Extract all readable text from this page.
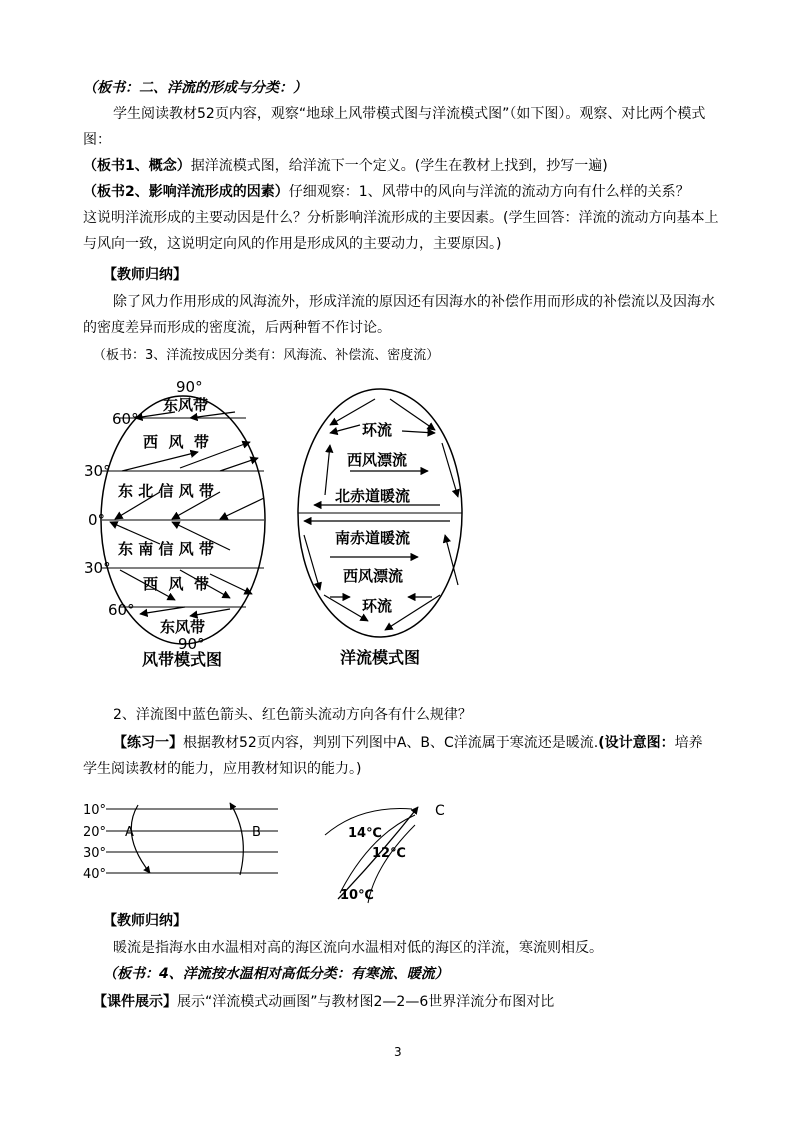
（板书：二、洋流的形成与分类：）
学生阅读教材52页内容，观察“地球上风带模式图与洋流模式图”（如下图）。观察、对比两个模式
图：
（板书1、概念）据洋流模式图，给洋流下一个定义。(学生在教材上找到，抄写一遍)
（板书2、影响洋流形成的因素）仔细观察：1、风带中的风向与洋流的流动方向有什么样的关系？
这说明洋流形成的主要动因是什么？分析影响洋流形成的主要因素。(学生回答：洋流的流动方向基本上
与风向一致，这说明定向风的作用是形成风的主要动力，主要原因。)
【教师归纳】
除了风力作用形成的风海流外，形成洋流的原因还有因海水的补偿作用而形成的补偿流以及因海水
的密度差异而形成的密度流，后两种暂不作讨论。
（板书：3、洋流按成因分类有：风海流、补偿流、密度流）
90°
60°
30°
0°
30°
60°
90°
东风带
西  风  带
东 北 信 风 带
东 南 信 风 带
西  风  带
东风带
风带模式图
环流
西风漂流
北赤道暖流
南赤道暖流
西风漂流
环流
洋流模式图
2、洋流图中蓝色箭头、红色箭头流动方向各有什么规律？
【练习一】根据教材52页内容，判别下列图中A、B、C洋流属于寒流还是暖流.(设计意图：培养
学生阅读教材的能力，应用教材知识的能力。)
10°
20°
30°
40°
A	B
C
14℃
12℃
10℃
【教师归纳】
暖流是指海水由水温相对高的海区流向水温相对低的海区的洋流，寒流则相反。
（板书：4、洋流按水温相对高低分类：有寒流、暖流）
【课件展示】展示“洋流模式动画图”与教材图2—2—6世界洋流分布图对比
3
